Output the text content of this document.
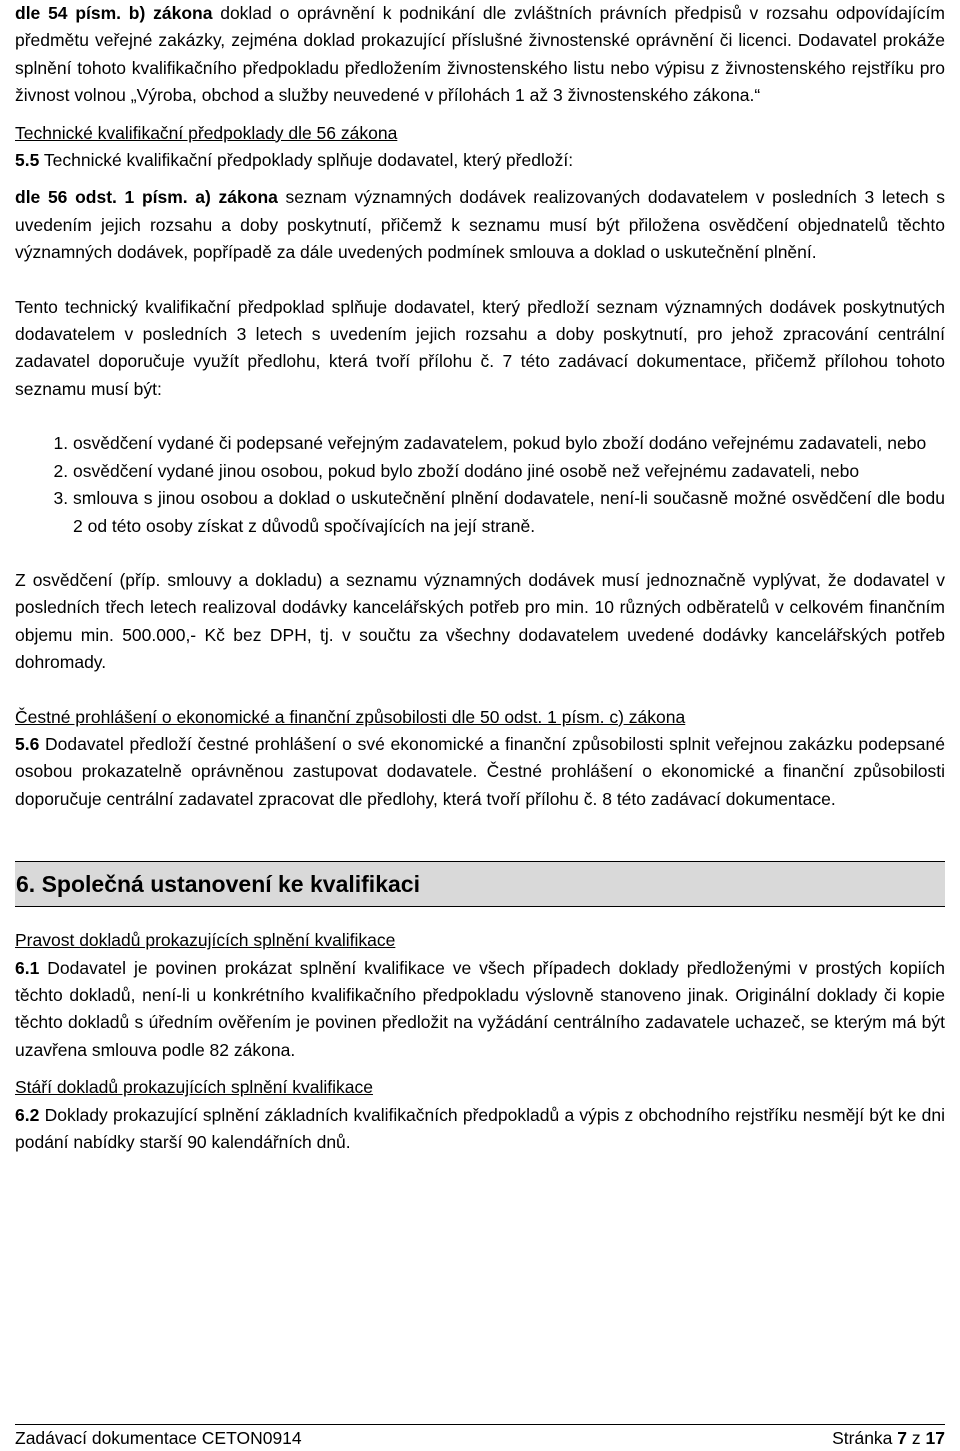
dle 54 písm. b) zákona doklad o oprávnění k podnikání dle zvláštních právních předpisů v rozsahu odpovídajícím předmětu veřejné zakázky, zejména doklad prokazující příslušné živnostenské oprávnění či licenci. Dodavatel prokáže splnění tohoto kvalifikačního předpokladu předložením živnostenského listu nebo výpisu z živnostenského rejstříku pro živnost volnou „Výroba, obchod a služby neuvedené v přílohách 1 až 3 živnostenského zákona.“

Technické kvalifikační předpoklady dle 56 zákona

5.5 Technické kvalifikační předpoklady splňuje dodavatel, který předloží:

dle 56 odst. 1 písm. a) zákona seznam významných dodávek realizovaných dodavatelem v posledních 3 letech s uvedením jejich rozsahu a doby poskytnutí, přičemž k seznamu musí být přiložena osvědčení objednatelů těchto významných dodávek, popřípadě za dále uvedených podmínek smlouva a doklad o uskutečnění plnění.

Tento technický kvalifikační předpoklad splňuje dodavatel, který předloží seznam významných dodávek poskytnutých dodavatelem v posledních 3 letech s uvedením jejich rozsahu a doby poskytnutí, pro jehož zpracování centrální zadavatel doporučuje využít předlohu, která tvoří přílohu č. 7 této zadávací dokumentace, přičemž přílohou tohoto seznamu musí být:

1. osvědčení vydané či podepsané veřejným zadavatelem, pokud bylo zboží dodáno veřejnému zadavateli, nebo
2. osvědčení vydané jinou osobou, pokud bylo zboží dodáno jiné osobě než veřejnému zadavateli, nebo
3. smlouva s jinou osobou a doklad o uskutečnění plnění dodavatele, není-li současně možné osvědčení dle bodu 2 od této osoby získat z důvodů spočívajících na její straně.

Z osvědčení (příp. smlouvy a dokladu) a seznamu významných dodávek musí jednoznačně vyplývat, že dodavatel v posledních třech letech realizoval dodávky kancelářských potřeb pro min. 10 různých odběratelů v celkovém finančním objemu min. 500.000,- Kč bez DPH, tj. v součtu za všechny dodavatelem uvedené dodávky kancelářských potřeb dohromady.

Čestné prohlášení o ekonomické a finanční způsobilosti dle 50 odst. 1 písm. c) zákona

5.6 Dodavatel předloží čestné prohlášení o své ekonomické a finanční způsobilosti splnit veřejnou zakázku podepsané osobou prokazatelně oprávněnou zastupovat dodavatele. Čestné prohlášení o ekonomické a finanční způsobilosti doporučuje centrální zadavatel zpracovat dle předlohy, která tvoří přílohu č. 8 této zadávací dokumentace.

6. Společná ustanovení ke kvalifikaci

Pravost dokladů prokazujících splnění kvalifikace

6.1 Dodavatel je povinen prokázat splnění kvalifikace ve všech případech doklady předloženými v prostých kopiích těchto dokladů, není-li u konkrétního kvalifikačního předpokladu výslovně stanoveno jinak. Originální doklady či kopie těchto dokladů s úředním ověřením je povinen předložit na vyžádání centrálního zadavatele uchazeč, se kterým má být uzavřena smlouva podle 82 zákona.

Stáří dokladů prokazujících splnění kvalifikace

6.2 Doklady prokazující splnění základních kvalifikačních předpokladů a výpis z obchodního rejstříku nesmějí být ke dni podání nabídky starší 90 kalendářních dnů.

Zadávací dokumentace CETON0914	Stránka 7 z 17
